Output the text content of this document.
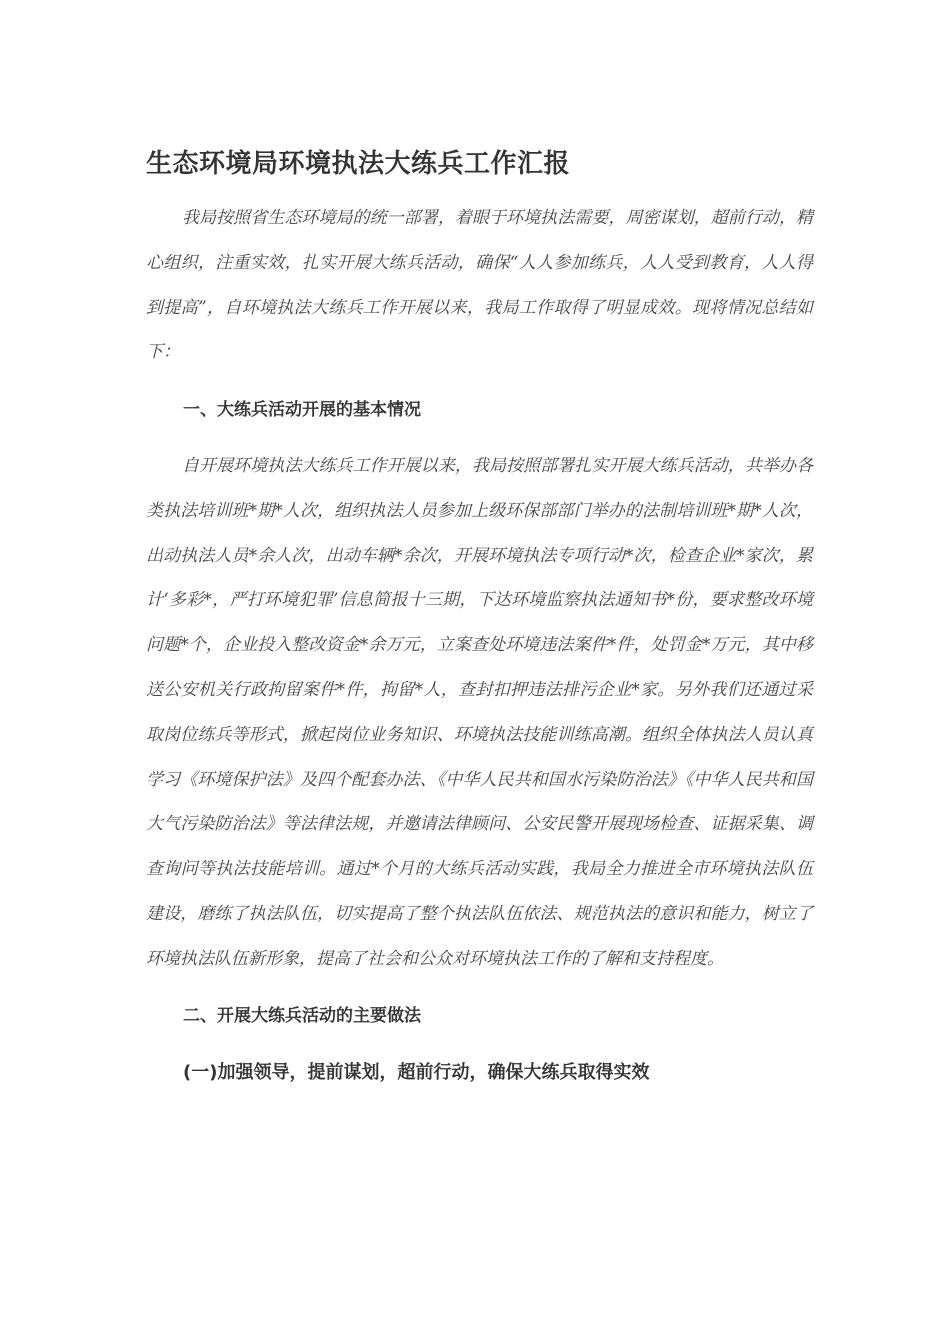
生态环境局环境执法大练兵工作汇报

我局按照省生态环境局的统一部署，着眼于环境执法需要，周密谋划，超前行动，精心组织，注重实效，扎实开展大练兵活动，确保“人人参加练兵，人人受到教育，人人得到提高”，自环境执法大练兵工作开展以来，我局工作取得了明显成效。现将情况总结如下：

一、大练兵活动开展的基本情况

自开展环境执法大练兵工作开展以来，我局按照部署扎实开展大练兵活动，共举办各类执法培训班*期*人次，组织执法人员参加上级环保部部门举办的法制培训班*期*人次，出动执法人员*余人次，出动车辆*余次，开展环境执法专项行动*次，检查企业*家次，累计‘多彩*，严打环境犯罪’信息简报十三期，下达环境监察执法通知书*份，要求整改环境问题*个，企业投入整改资金*余万元，立案查处环境违法案件*件，处罚金*万元，其中移送公安机关行政拘留案件*件，拘留*人，查封扣押违法排污企业*家。另外我们还通过采取岗位练兵等形式，掀起岗位业务知识、环境执法技能训练高潮。组织全体执法人员认真学习《环境保护法》及四个配套办法、《中华人民共和国水污染防治法》《中华人民共和国大气污染防治法》等法律法规，并邀请法律顾问、公安民警开展现场检查、证据采集、调查询问等执法技能培训。通过*个月的大练兵活动实践，我局全力推进全市环境执法队伍建设，磨练了执法队伍，切实提高了整个执法队伍依法、规范执法的意识和能力，树立了环境执法队伍新形象，提高了社会和公众对环境执法工作的了解和支持程度。

二、开展大练兵活动的主要做法
(一)加强领导，提前谋划，超前行动，确保大练兵取得实效
